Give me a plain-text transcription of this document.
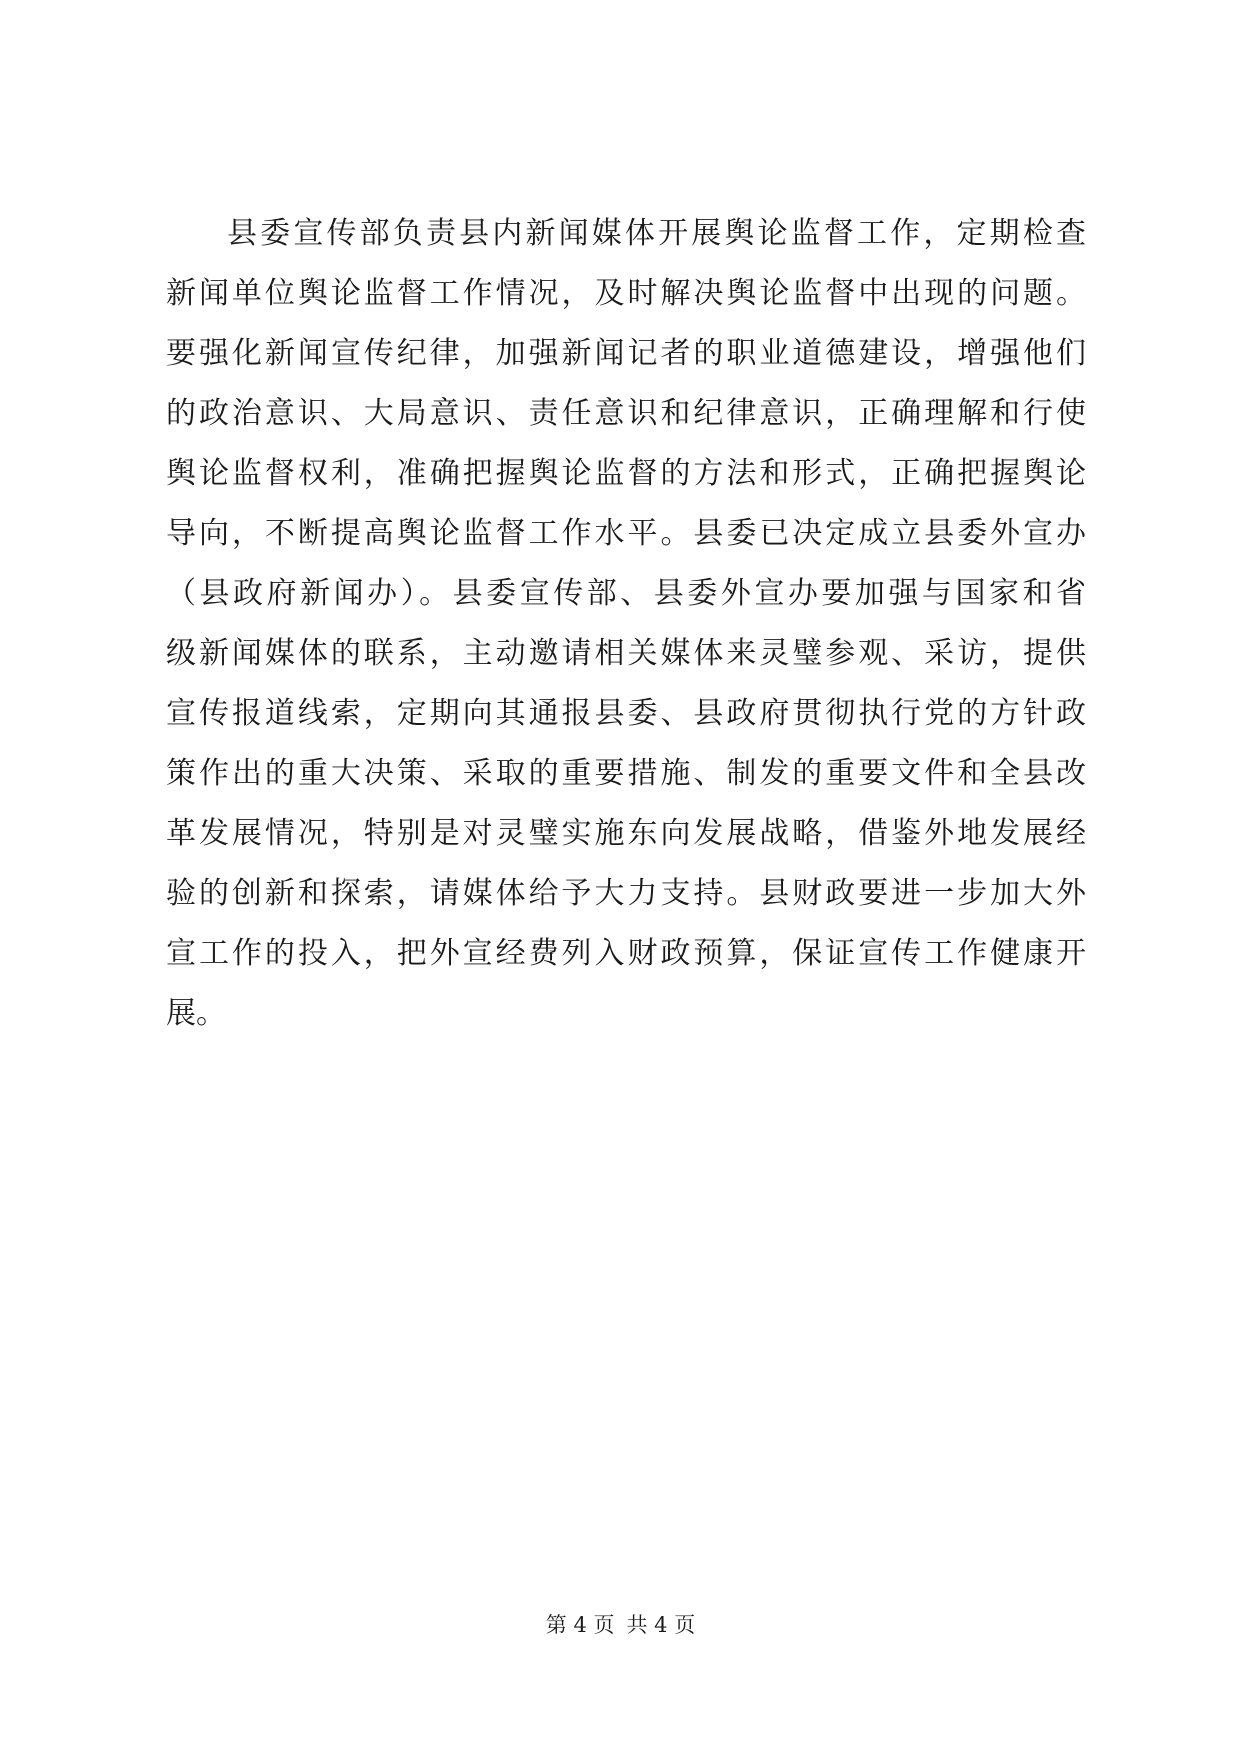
县委宣传部负责县内新闻媒体开展舆论监督工作，定期检查
新闻单位舆论监督工作情况，及时解决舆论监督中出现的问题。
要强化新闻宣传纪律，加强新闻记者的职业道德建设，增强他们
的政治意识、大局意识、责任意识和纪律意识，正确理解和行使
舆论监督权利，准确把握舆论监督的方法和形式，正确把握舆论
导向，不断提高舆论监督工作水平。县委已决定成立县委外宣办
（县政府新闻办）。县委宣传部、县委外宣办要加强与国家和省
级新闻媒体的联系，主动邀请相关媒体来灵璧参观、采访，提供
宣传报道线索，定期向其通报县委、县政府贯彻执行党的方针政
策作出的重大决策、采取的重要措施、制发的重要文件和全县改
革发展情况，特别是对灵璧实施东向发展战略，借鉴外地发展经
验的创新和探索，请媒体给予大力支持。县财政要进一步加大外
宣工作的投入，把外宣经费列入财政预算，保证宣传工作健康开
展。
第 4 页 共 4 页
